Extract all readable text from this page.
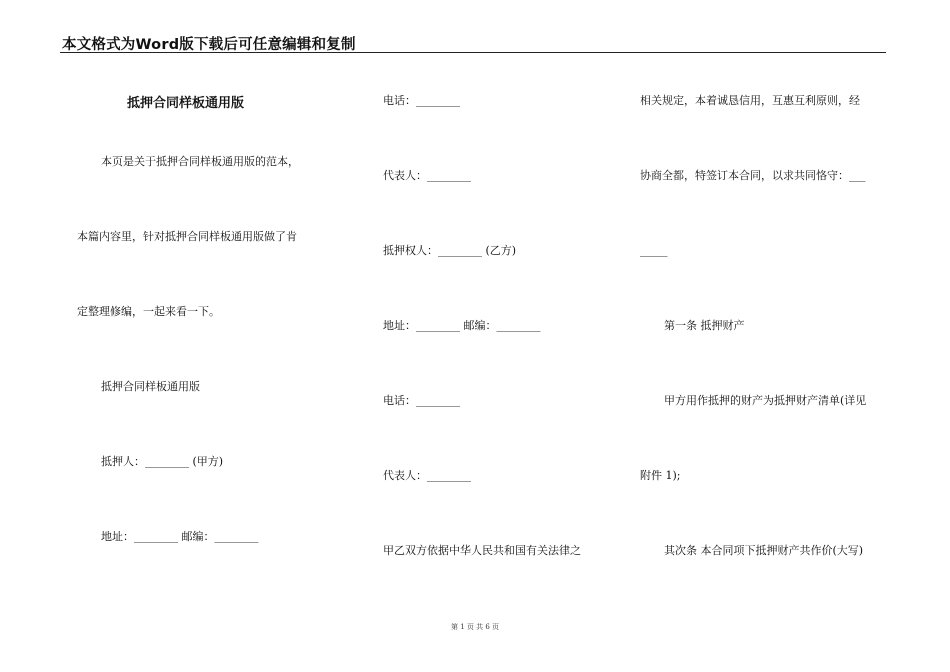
本文格式为Word版下载后可任意编辑和复制
抵押合同样板通用版
本页是关于抵押合同样板通用版的范本，
本篇内容里，针对抵押合同样板通用版做了肯
定整理修编，一起来看一下。
抵押合同样板通用版
抵押人：________ (甲方)
地址：________ 邮编：________
电话：________
代表人：________
抵押权人：________ (乙方)
地址：________ 邮编：________
电话：________
代表人：________
甲乙双方依据中华人民共和国有关法律之
相关规定，本着诚恳信用，互惠互利原则，经
协商全都，特签订本合同，以求共同恪守：___
_____
第一条 抵押财产
甲方用作抵押的财产为抵押财产清单(详见
附件 1);
其次条 本合同项下抵押财产共作价(大写)
第 1 页 共 6 页
